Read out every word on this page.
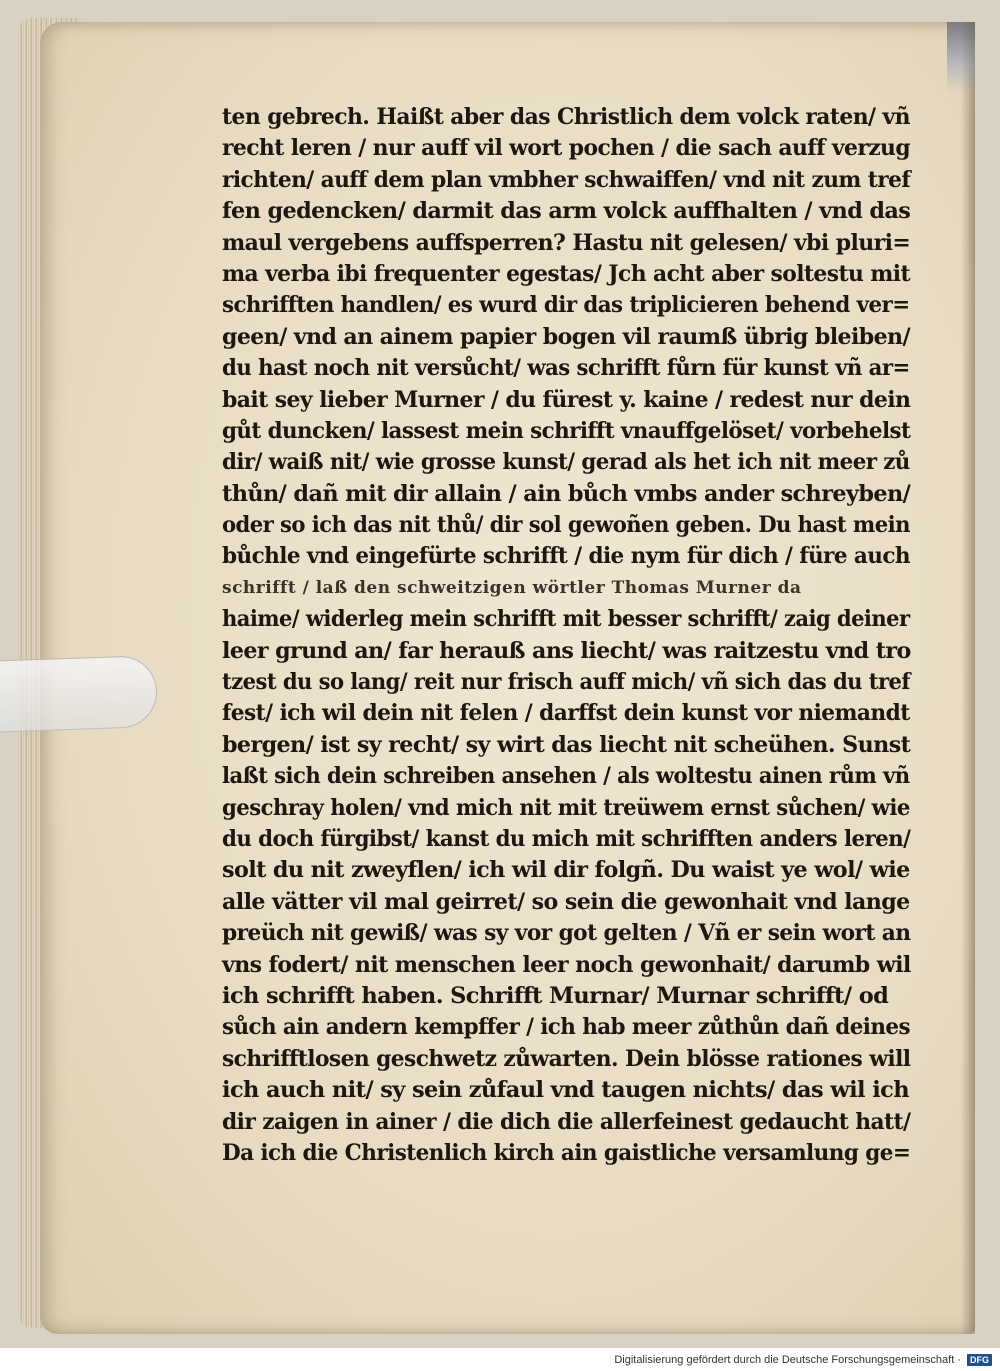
ten gebrech. Haißt aber das Christlich dem volck raten/ vñ
recht leren / nur auff vil wort pochen / die sach auff verzug
richten/ auff dem plan vmbher schwaiffen/ vnd nit zum tref
fen gedencken/ darmit das arm volck auffhalten / vnd das
maul vergebens auffsperren? Hastu nit gelesen/ vbi pluri=
ma verba ibi frequenter egestas/ Jch acht aber soltestu mit
schrifften handlen/ es wurd dir das triplicieren behend ver=
geen/ vnd an ainem papier bogen vil raumß übrig bleiben/
du hast noch nit versůcht/ was schrifft fůrn für kunst vñ ar=
bait sey lieber Murner / du fürest y. kaine / redest nur dein
gůt duncken/ lassest mein schrifft vnauffgelöset/ vorbehelst
dir/ waiß nit/ wie grosse kunst/ gerad als het ich nit meer zů
thůn/ dañ mit dir allain / ain bůch vmbs ander schreyben/
oder so ich das nit thů/ dir sol gewoñen geben. Du hast mein
bůchle vnd eingefürte schrifft / die nym für dich / füre auch
schrifft / laß den schweitzigen wörtler Thomas Murner da
haime/ widerleg mein schrifft mit besser schrifft/ zaig deiner
leer grund an/ far herauß ans liecht/ was raitzestu vnd tro
tzest du so lang/ reit nur frisch auff mich/ vñ sich das du tref
fest/ ich wil dein nit felen / darffst dein kunst vor niemandt
bergen/ ist sy recht/ sy wirt das liecht nit scheühen. Sunst
laßt sich dein schreiben ansehen / als woltestu ainen rům vñ
geschray holen/ vnd mich nit mit treüwem ernst sůchen/ wie
du doch fürgibst/ kanst du mich mit schrifften anders leren/
solt du nit zweyflen/ ich wil dir folgñ. Du waist ye wol/ wie
alle vätter vil mal geirret/ so sein die gewonhait vnd lange
preüch nit gewiß/ was sy vor got gelten / Vñ er sein wort an
vns fodert/ nit menschen leer noch gewonhait/ darumb wil
ich schrifft haben. Schrifft Murnar/ Murnar schrifft/ od
sůch ain andern kempffer / ich hab meer zůthůn dañ deines
schrifftlosen geschwetz zůwarten. Dein blösse rationes will
ich auch nit/ sy sein zůfaul vnd taugen nichts/ das wil ich
dir zaigen in ainer / die dich die allerfeinest gedaucht hatt/
Da ich die Christenlich kirch ain gaistliche versamlung ge=
Digitalisierung gefördert durch die Deutsche Forschungsgemeinschaft ·	DFG
